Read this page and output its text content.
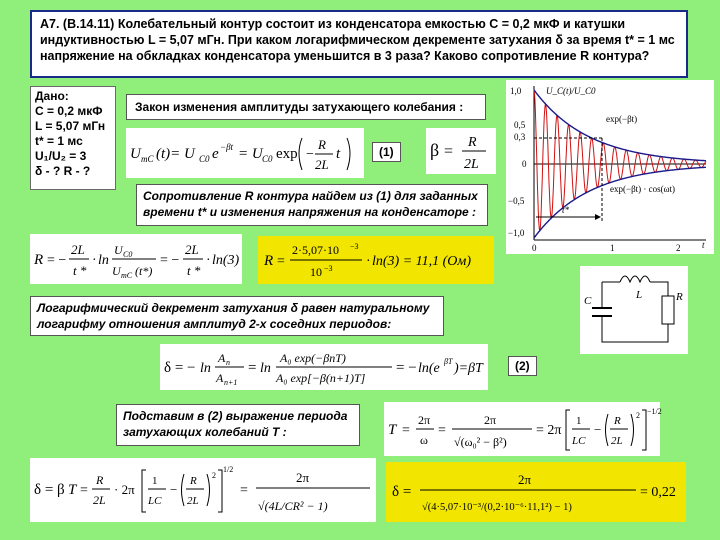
А7. (В.14.11) Колебательный контур состоит из конденсатора емкостью C = 0,2 мкФ и катушки индуктивностью L = 5,07 мГн. При каком логарифмическом декременте затухания δ за время t* = 1 мс напряжение на обкладках конденсатора уменьшится в 3 раза? Каково сопротивление R контура?
Дано:
C = 0,2 мкФ
L = 5,07 мГн
t* = 1 мс
U₁/U₂ = 3
δ - ? R - ?
Закон изменения амплитуды затухающего колебания :
U mC (t)= U C0 e −βt = U C0 exp −
R
2L
t	(1)	β =
R
2L
Сопротивление R контура найдем из (1) для заданных времени t* и изменения напряжения на конденсаторе :
R = −
2L
t *
· ln
U C0
U mC (t*)
= −
2L
t *
· ln(3) R =
2·5,07·10 −3
10 −3 · ln(3) = 11,1 (Ом)
1,0
0,5
0,3
0
−0,5
−1,0
0	1	2 t
t*
U_C(t)/U_C0
exp(−βt)
exp(−βt) · cos(ωt)
L
C	R
Логарифмический декремент затухания δ равен натуральному логарифму отношения амплитуд 2-х соседних периодов:
δ = − ln
A n
A n+1
= ln
A₀ exp(−βnT)
A₀ exp[−β(n+1)T]
= − ln(e βT )= βT	(2)
Подставим в (2) выражение периода затухающих колебаний T :	T =
2π
ω
=
2π
√(ω₀² − β²)
= 2π
1
LC
−
R
2L
2 −1/2
δ = β T =
R
2L
· 2π
1
LC
−
R
2L
2
1/2
=
2π
√(4L/CR² − 1)
δ =
2π
√(4·5,07·10⁻³/(0,2·10⁻⁶·11,1²) − 1)
= 0,22
